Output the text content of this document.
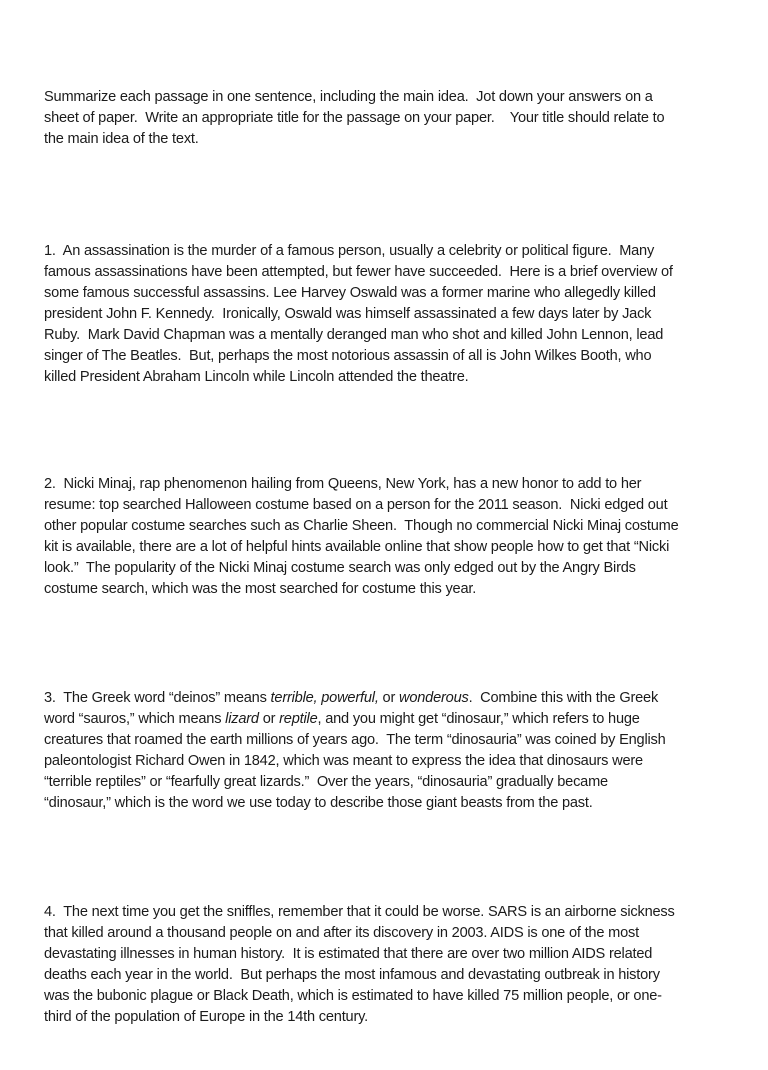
Summarize each passage in one sentence, including the main idea.  Jot down your answers on a
sheet of paper.  Write an appropriate title for the passage on your paper.    Your title should relate to
the main idea of the text.

1.  An assassination is the murder of a famous person, usually a celebrity or political figure.  Many
famous assassinations have been attempted, but fewer have succeeded.  Here is a brief overview of
some famous successful assassins. Lee Harvey Oswald was a former marine who allegedly killed
president John F. Kennedy.  Ironically, Oswald was himself assassinated a few days later by Jack
Ruby.  Mark David Chapman was a mentally deranged man who shot and killed John Lennon, lead
singer of The Beatles.  But, perhaps the most notorious assassin of all is John Wilkes Booth, who
killed President Abraham Lincoln while Lincoln attended the theatre.

2.  Nicki Minaj, rap phenomenon hailing from Queens, New York, has a new honor to add to her
resume: top searched Halloween costume based on a person for the 2011 season.  Nicki edged out
other popular costume searches such as Charlie Sheen.  Though no commercial Nicki Minaj costume
kit is available, there are a lot of helpful hints available online that show people how to get that “Nicki
look.”  The popularity of the Nicki Minaj costume search was only edged out by the Angry Birds
costume search, which was the most searched for costume this year.

3.  The Greek word “deinos” means terrible, powerful, or wonderous.  Combine this with the Greek
word “sauros,” which means lizard or reptile, and you might get “dinosaur,” which refers to huge
creatures that roamed the earth millions of years ago.  The term “dinosauria” was coined by English
paleontologist Richard Owen in 1842, which was meant to express the idea that dinosaurs were
“terrible reptiles” or “fearfully great lizards.”  Over the years, “dinosauria” gradually became
“dinosaur,” which is the word we use today to describe those giant beasts from the past.

4.  The next time you get the sniffles, remember that it could be worse. SARS is an airborne sickness
that killed around a thousand people on and after its discovery in 2003. AIDS is one of the most
devastating illnesses in human history.  It is estimated that there are over two million AIDS related
deaths each year in the world.  But perhaps the most infamous and devastating outbreak in history
was the bubonic plague or Black Death, which is estimated to have killed 75 million people, or one-
third of the population of Europe in the 14th century.
